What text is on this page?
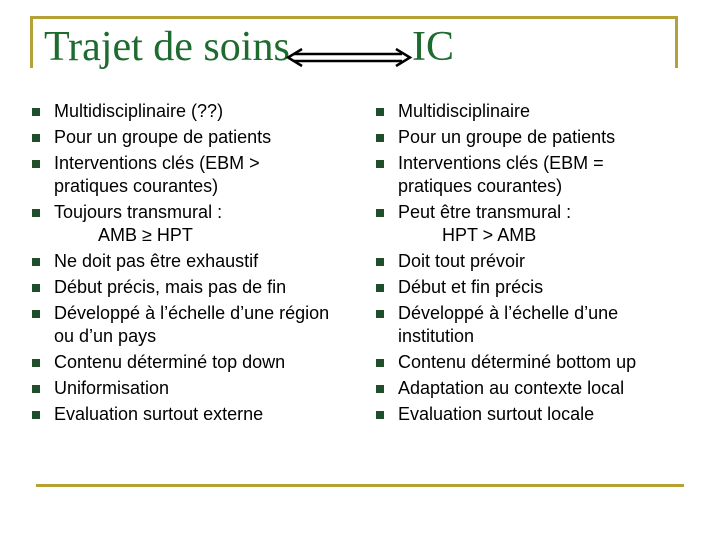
Trajet de soins	IC
Multidisciplinaire (??)
Pour un groupe de patients
Interventions clés (EBM > pratiques courantes)
Toujours transmural :
AMB ≥ HPT
Ne doit pas être exhaustif
Début précis, mais pas de fin
Développé à l’échelle d’une région ou d’un pays
Contenu déterminé top down
Uniformisation
Evaluation surtout externe
Multidisciplinaire
Pour un groupe de patients
Interventions clés (EBM = pratiques courantes)
Peut être transmural :
HPT > AMB
Doit tout prévoir
Début et fin précis
Développé à l’échelle d’une institution
Contenu déterminé bottom up
Adaptation au contexte local
Evaluation surtout locale
